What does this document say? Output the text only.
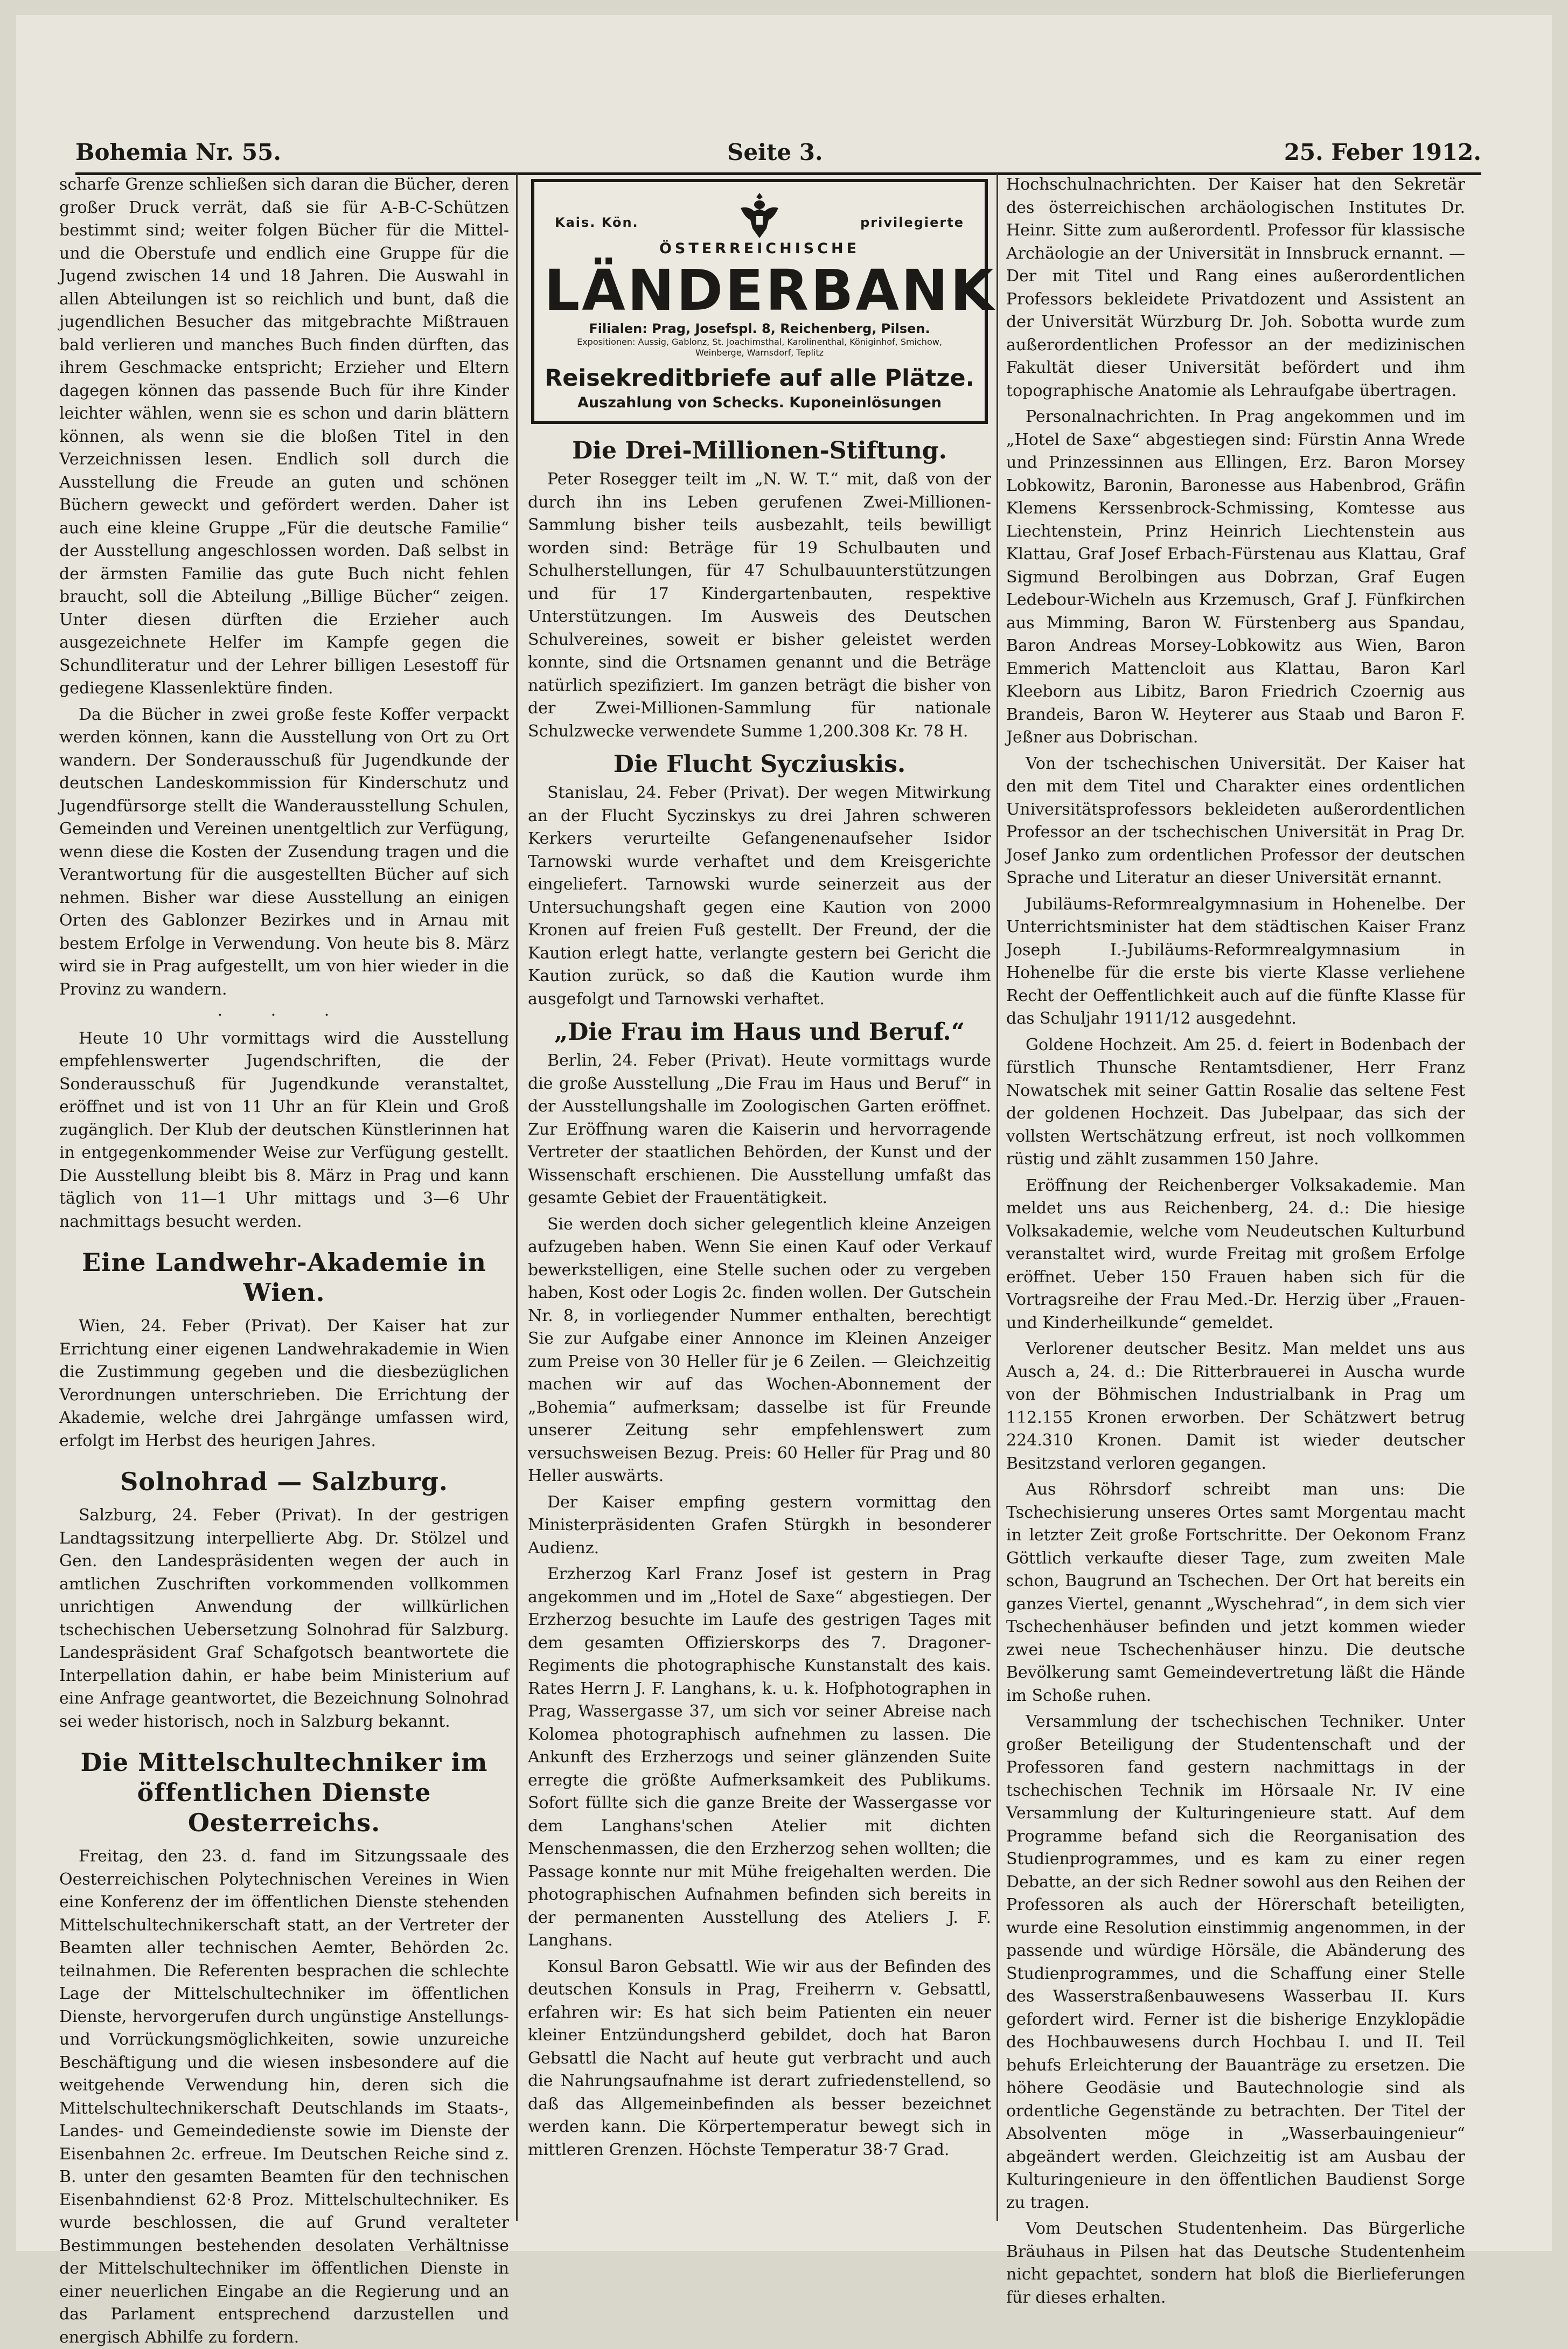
Bohemia Nr. 55.	Seite 3.	25. Feber 1912.

scharfe Grenze schließen sich daran die Bücher, deren großer Druck verrät, daß sie für A-B-C-Schützen bestimmt sind; weiter folgen Bücher für die Mittel- und die Oberstufe und endlich eine Gruppe für die Jugend zwischen 14 und 18 Jahren. Die Auswahl in allen Abteilungen ist so reichlich und bunt, daß die jugendlichen Besucher das mitgebrachte Mißtrauen bald verlieren und manches Buch finden dürften, das ihrem Geschmacke entspricht; Erzieher und Eltern dagegen können das passende Buch für ihre Kinder leichter wählen, wenn sie es schon und darin blättern können, als wenn sie die bloßen Titel in den Verzeichnissen lesen. Endlich soll durch die Ausstellung die Freude an guten und schönen Büchern geweckt und gefördert werden. Daher ist auch eine kleine Gruppe „Für die deutsche Familie“ der Ausstellung angeschlossen worden. Daß selbst in der ärmsten Familie das gute Buch nicht fehlen braucht, soll die Abteilung „Billige Bücher“ zeigen. Unter diesen dürften die Erzieher auch ausgezeichnete Helfer im Kampfe gegen die Schundliteratur und der Lehrer billigen Lesestoff für gediegene Klassenlektüre finden.

Da die Bücher in zwei große feste Koffer verpackt werden können, kann die Ausstellung von Ort zu Ort wandern. Der Sonderausschuß für Jugendkunde der deutschen Landeskommission für Kinderschutz und Jugendfürsorge stellt die Wanderausstellung Schulen, Gemeinden und Vereinen unentgeltlich zur Verfügung, wenn diese die Kosten der Zusendung tragen und die Verantwortung für die ausgestellten Bücher auf sich nehmen. Bisher war diese Ausstellung an einigen Orten des Gablonzer Bezirkes und in Arnau mit bestem Erfolge in Verwendung. Von heute bis 8. März wird sie in Prag aufgestellt, um von hier wieder in die Provinz zu wandern.

· · ·

Heute 10 Uhr vormittags wird die Ausstellung empfehlenswerter Jugendschriften, die der Sonderausschuß für Jugendkunde veranstaltet, eröffnet und ist von 11 Uhr an für Klein und Groß zugänglich. Der Klub der deutschen Künstlerinnen hat in entgegenkommender Weise zur Verfügung gestellt. Die Ausstellung bleibt bis 8. März in Prag und kann täglich von 11—1 Uhr mittags und 3—6 Uhr nachmittags besucht werden.

Eine Landwehr-Akademie in Wien.

Wien, 24. Feber (Privat). Der Kaiser hat zur Errichtung einer eigenen Landwehrakademie in Wien die Zustimmung gegeben und die diesbezüglichen Verordnungen unterschrieben. Die Errichtung der Akademie, welche drei Jahrgänge umfassen wird, erfolgt im Herbst des heurigen Jahres.

Solnohrad — Salzburg.

Salzburg, 24. Feber (Privat). In der gestrigen Landtagssitzung interpellierte Abg. Dr. Stölzel und Gen. den Landespräsidenten wegen der auch in amtlichen Zuschriften vorkommenden vollkommen unrichtigen Anwendung der willkürlichen tschechischen Uebersetzung Solnohrad für Salzburg. Landespräsident Graf Schafgotsch beantwortete die Interpellation dahin, er habe beim Ministerium auf eine Anfrage geantwortet, die Bezeichnung Solnohrad sei weder historisch, noch in Salzburg bekannt.

Die Mittelschultechniker im öffentlichen Dienste Oesterreichs.

Freitag, den 23. d. fand im Sitzungssaale des Oesterreichischen Polytechnischen Vereines in Wien eine Konferenz der im öffentlichen Dienste stehenden Mittelschultechnikerschaft statt, an der Vertreter der Beamten aller technischen Aemter, Behörden 2c. teilnahmen. Die Referenten besprachen die schlechte Lage der Mittelschultechniker im öffentlichen Dienste, hervorgerufen durch ungünstige Anstellungs- und Vorrückungsmöglichkeiten, sowie unzureiche Beschäftigung und die wiesen insbesondere auf die weitgehende Verwendung hin, deren sich die Mittelschultechnikerschaft Deutschlands im Staats-, Landes- und Gemeindedienste sowie im Dienste der Eisenbahnen 2c. erfreue. Im Deutschen Reiche sind z. B. unter den gesamten Beamten für den technischen Eisenbahndienst 62·8 Proz. Mittelschultechniker. Es wurde beschlossen, die auf Grund veralteter Bestimmungen bestehenden desolaten Verhältnisse der Mittelschultechniker im öffentlichen Dienste in einer neuerlichen Eingabe an die Regierung und an das Parlament entsprechend darzustellen und energisch Abhilfe zu fordern.

Kais. Kön.	privilegierte
ÖSTERREICHISCHE
LÄNDERBANK
Filialen: Prag, Josefspl. 8, Reichenberg, Pilsen.
Expositionen: Aussig, Gablonz, St. Joachimsthal, Karolinenthal, Königinhof, Smichow, Weinberge, Warnsdorf, Teplitz
Reisekreditbriefe auf alle Plätze.
Auszahlung von Schecks. Kuponeinlösungen
Die Drei-Millionen-Stiftung.

Peter Rosegger teilt im „N. W. T.“ mit, daß von der durch ihn ins Leben gerufenen Zwei-Millionen-Sammlung bisher teils ausbezahlt, teils bewilligt worden sind: Beträge für 19 Schulbauten und Schulherstellungen, für 47 Schulbauunterstützungen und für 17 Kindergartenbauten, respektive Unterstützungen. Im Ausweis des Deutschen Schulvereines, soweit er bisher geleistet werden konnte, sind die Ortsnamen genannt und die Beträge natürlich spezifiziert. Im ganzen beträgt die bisher von der Zwei-Millionen-Sammlung für nationale Schulzwecke verwendete Summe 1,200.308 Kr. 78 H.

Die Flucht Sycziuskis.

Stanislau, 24. Feber (Privat). Der wegen Mitwirkung an der Flucht Syczinskys zu drei Jahren schweren Kerkers verurteilte Gefangenenaufseher Isidor Tarnowski wurde verhaftet und dem Kreisgerichte eingeliefert. Tarnowski wurde seinerzeit aus der Untersuchungshaft gegen eine Kaution von 2000 Kronen auf freien Fuß gestellt. Der Freund, der die Kaution erlegt hatte, verlangte gestern bei Gericht die Kaution zurück, so daß die Kaution wurde ihm ausgefolgt und Tarnowski verhaftet.

„Die Frau im Haus und Beruf.“

Berlin, 24. Feber (Privat). Heute vormittags wurde die große Ausstellung „Die Frau im Haus und Beruf“ in der Ausstellungshalle im Zoologischen Garten eröffnet. Zur Eröffnung waren die Kaiserin und hervorragende Vertreter der staatlichen Behörden, der Kunst und der Wissenschaft erschienen. Die Ausstellung umfaßt das gesamte Gebiet der Frauentätigkeit.

Sie werden doch sicher gelegentlich kleine Anzeigen aufzugeben haben. Wenn Sie einen Kauf oder Verkauf bewerkstelligen, eine Stelle suchen oder zu vergeben haben, Kost oder Logis 2c. finden wollen. Der Gutschein Nr. 8, in vorliegender Nummer enthalten, berechtigt Sie zur Aufgabe einer Annonce im Kleinen Anzeiger zum Preise von 30 Heller für je 6 Zeilen. — Gleichzeitig machen wir auf das Wochen-Abonnement der „Bohemia“ aufmerksam; dasselbe ist für Freunde unserer Zeitung sehr empfehlenswert zum versuchsweisen Bezug. Preis: 60 Heller für Prag und 80 Heller auswärts.

Der Kaiser empfing gestern vormittag den Ministerpräsidenten Grafen Stürgkh in besonderer Audienz.

Erzherzog Karl Franz Josef ist gestern in Prag angekommen und im „Hotel de Saxe“ abgestiegen. Der Erzherzog besuchte im Laufe des gestrigen Tages mit dem gesamten Offizierskorps des 7. Dragoner-Regiments die photographische Kunstanstalt des kais. Rates Herrn J. F. Langhans, k. u. k. Hofphotographen in Prag, Wassergasse 37, um sich vor seiner Abreise nach Kolomea photographisch aufnehmen zu lassen. Die Ankunft des Erzherzogs und seiner glänzenden Suite erregte die größte Aufmerksamkeit des Publikums. Sofort füllte sich die ganze Breite der Wassergasse vor dem Langhans'schen Atelier mit dichten Menschenmassen, die den Erzherzog sehen wollten; die Passage konnte nur mit Mühe freigehalten werden. Die photographischen Aufnahmen befinden sich bereits in der permanenten Ausstellung des Ateliers J. F. Langhans.

Konsul Baron Gebsattl. Wie wir aus der Befinden des deutschen Konsuls in Prag, Freiherrn v. Gebsattl, erfahren wir: Es hat sich beim Patienten ein neuer kleiner Entzündungsherd gebildet, doch hat Baron Gebsattl die Nacht auf heute gut verbracht und auch die Nahrungsaufnahme ist derart zufriedenstellend, so daß das Allgemeinbefinden als besser bezeichnet werden kann. Die Körpertemperatur bewegt sich in mittleren Grenzen. Höchste Temperatur 38·7 Grad.

Hochschulnachrichten. Der Kaiser hat den Sekretär des österreichischen archäologischen Institutes Dr. Heinr. Sitte zum außerordentl. Professor für klassische Archäologie an der Universität in Innsbruck ernannt. — Der mit Titel und Rang eines außerordentlichen Professors bekleidete Privatdozent und Assistent an der Universität Würzburg Dr. Joh. Sobotta wurde zum außerordentlichen Professor an der medizinischen Fakultät dieser Universität befördert und ihm topographische Anatomie als Lehraufgabe übertragen.

Personalnachrichten. In Prag angekommen und im „Hotel de Saxe“ abgestiegen sind: Fürstin Anna Wrede und Prinzessinnen aus Ellingen, Erz. Baron Morsey Lobkowitz, Baronin, Baronesse aus Habenbrod, Gräfin Klemens Kerssenbrock-Schmissing, Komtesse aus Liechtenstein, Prinz Heinrich Liechtenstein aus Klattau, Graf Josef Erbach-Fürstenau aus Klattau, Graf Sigmund Berolbingen aus Dobrzan, Graf Eugen Ledebour-Wicheln aus Krzemusch, Graf J. Fünfkirchen aus Mimming, Baron W. Fürstenberg aus Spandau, Baron Andreas Morsey-Lobkowitz aus Wien, Baron Emmerich Mattencloit aus Klattau, Baron Karl Kleeborn aus Libitz, Baron Friedrich Czoernig aus Brandeis, Baron W. Heyterer aus Staab und Baron F. Jeßner aus Dobrischan.

Von der tschechischen Universität. Der Kaiser hat den mit dem Titel und Charakter eines ordentlichen Universitätsprofessors bekleideten außerordentlichen Professor an der tschechischen Universität in Prag Dr. Josef Janko zum ordentlichen Professor der deutschen Sprache und Literatur an dieser Universität ernannt.

Jubiläums-Reformrealgymnasium in Hohenelbe. Der Unterrichtsminister hat dem städtischen Kaiser Franz Joseph I.-Jubiläums-Reformrealgymnasium in Hohenelbe für die erste bis vierte Klasse verliehene Recht der Oeffentlichkeit auch auf die fünfte Klasse für das Schuljahr 1911/12 ausgedehnt.

Goldene Hochzeit. Am 25. d. feiert in Bodenbach der fürstlich Thunsche Rentamtsdiener, Herr Franz Nowatschek mit seiner Gattin Rosalie das seltene Fest der goldenen Hochzeit. Das Jubelpaar, das sich der vollsten Wertschätzung erfreut, ist noch vollkommen rüstig und zählt zusammen 150 Jahre.

Eröffnung der Reichenberger Volksakademie. Man meldet uns aus Reichenberg, 24. d.: Die hiesige Volksakademie, welche vom Neudeutschen Kulturbund veranstaltet wird, wurde Freitag mit großem Erfolge eröffnet. Ueber 150 Frauen haben sich für die Vortragsreihe der Frau Med.-Dr. Herzig über „Frauen- und Kinderheilkunde“ gemeldet.

Verlorener deutscher Besitz. Man meldet uns aus Ausch a, 24. d.: Die Ritterbrauerei in Auscha wurde von der Böhmischen Industrialbank in Prag um 112.155 Kronen erworben. Der Schätzwert betrug 224.310 Kronen. Damit ist wieder deutscher Besitzstand verloren gegangen.

Aus Röhrsdorf schreibt man uns: Die Tschechisierung unseres Ortes samt Morgentau macht in letzter Zeit große Fortschritte. Der Oekonom Franz Göttlich verkaufte dieser Tage, zum zweiten Male schon, Baugrund an Tschechen. Der Ort hat bereits ein ganzes Viertel, genannt „Wyschehrad“, in dem sich vier Tschechenhäuser befinden und jetzt kommen wieder zwei neue Tschechenhäuser hinzu. Die deutsche Bevölkerung samt Gemeindevertretung läßt die Hände im Schoße ruhen.

Versammlung der tschechischen Techniker. Unter großer Beteiligung der Studentenschaft und der Professoren fand gestern nachmittags in der tschechischen Technik im Hörsaale Nr. IV eine Versammlung der Kulturingenieure statt. Auf dem Programme befand sich die Reorganisation des Studienprogrammes, und es kam zu einer regen Debatte, an der sich Redner sowohl aus den Reihen der Professoren als auch der Hörerschaft beteiligten, wurde eine Resolution einstimmig angenommen, in der passende und würdige Hörsäle, die Abänderung des Studienprogrammes, und die Schaffung einer Stelle des Wasserstraßenbauwesens Wasserbau II. Kurs gefordert wird. Ferner ist die bisherige Enzyklopädie des Hochbauwesens durch Hochbau I. und II. Teil behufs Erleichterung der Bauanträge zu ersetzen. Die höhere Geodäsie und Bautechnologie sind als ordentliche Gegenstände zu betrachten. Der Titel der Absolventen möge in „Wasserbauingenieur“ abgeändert werden. Gleichzeitig ist am Ausbau der Kulturingenieure in den öffentlichen Baudienst Sorge zu tragen.

Vom Deutschen Studentenheim. Das Bürgerliche Bräuhaus in Pilsen hat das Deutsche Studentenheim nicht gepachtet, sondern hat bloß die Bierlieferungen für dieses erhalten.
